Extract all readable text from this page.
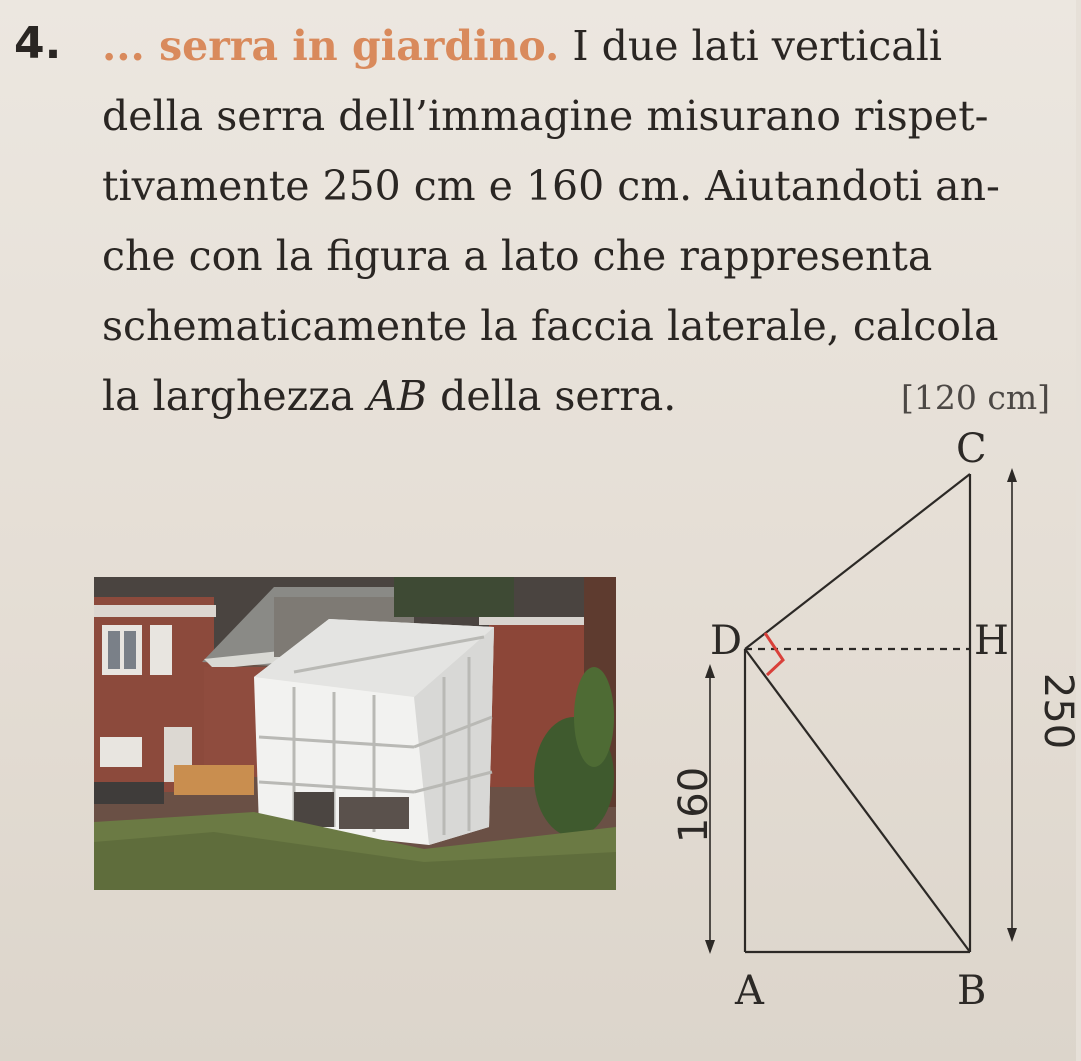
4. ... serra in giardino. I due lati verticali
della serra dell’immagine misurano rispet-
tivamente 250 cm e 160 cm. Aiutandoti an-
che con la figura a lato che rappresenta
schematicamente la faccia laterale, calcola
la larghezza AB della serra.	[120 cm]
C
D	H
A	B
160
250
